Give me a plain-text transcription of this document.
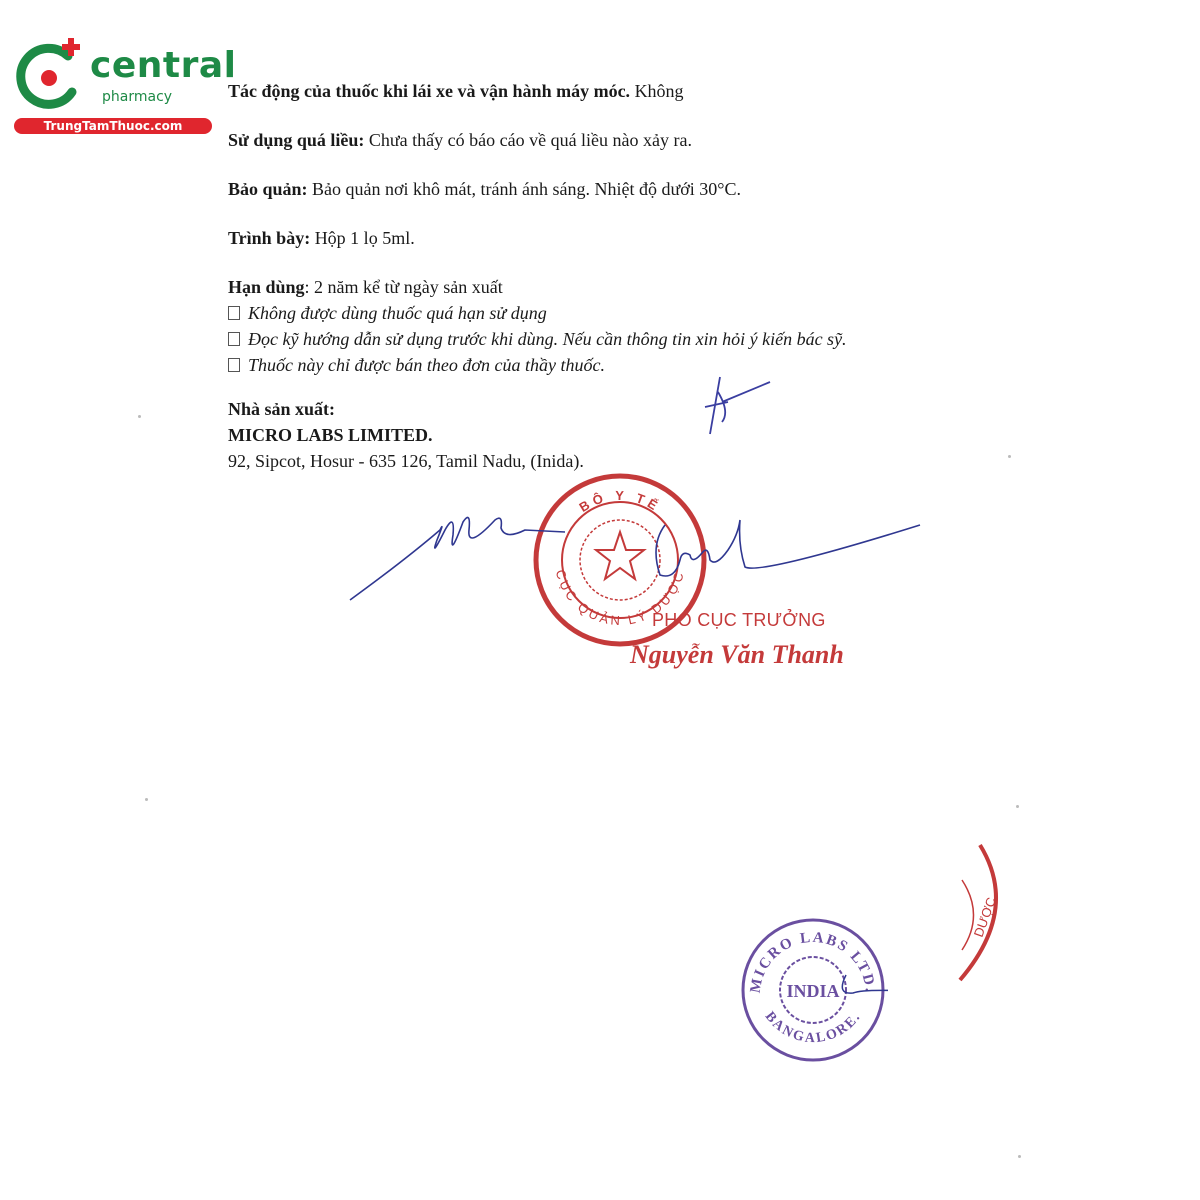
central
pharmacy
TrungTamThuoc.com

Tác động của thuốc khi lái xe và vận hành máy móc. Không

Sử dụng quá liều: Chưa thấy có báo cáo về quá liều nào xảy ra.

Bảo quản: Bảo quản nơi khô mát, tránh ánh sáng. Nhiệt độ dưới 30°C.

Trình bày: Hộp 1 lọ 5ml.

Hạn dùng: 2 năm kể từ ngày sản xuất

Không được dùng thuốc quá hạn sử dụng

Đọc kỹ hướng dẫn sử dụng trước khi dùng. Nếu cần thông tin xin hỏi ý kiến bác sỹ.

Thuốc này chỉ được bán theo đơn của thầy thuốc.

Nhà sản xuất:

MICRO LABS LIMITED.

92, Sipcot, Hosur - 635 126, Tamil Nadu, (Inida).

BỘ Y TẾ
CỤC QUẢN LÝ DƯỢC
PHÓ CỤC TRƯỞNG
Nguyễn Văn Thanh
MICRO LABS LTD.
BANGALORE.
INDIA
DƯỢC
